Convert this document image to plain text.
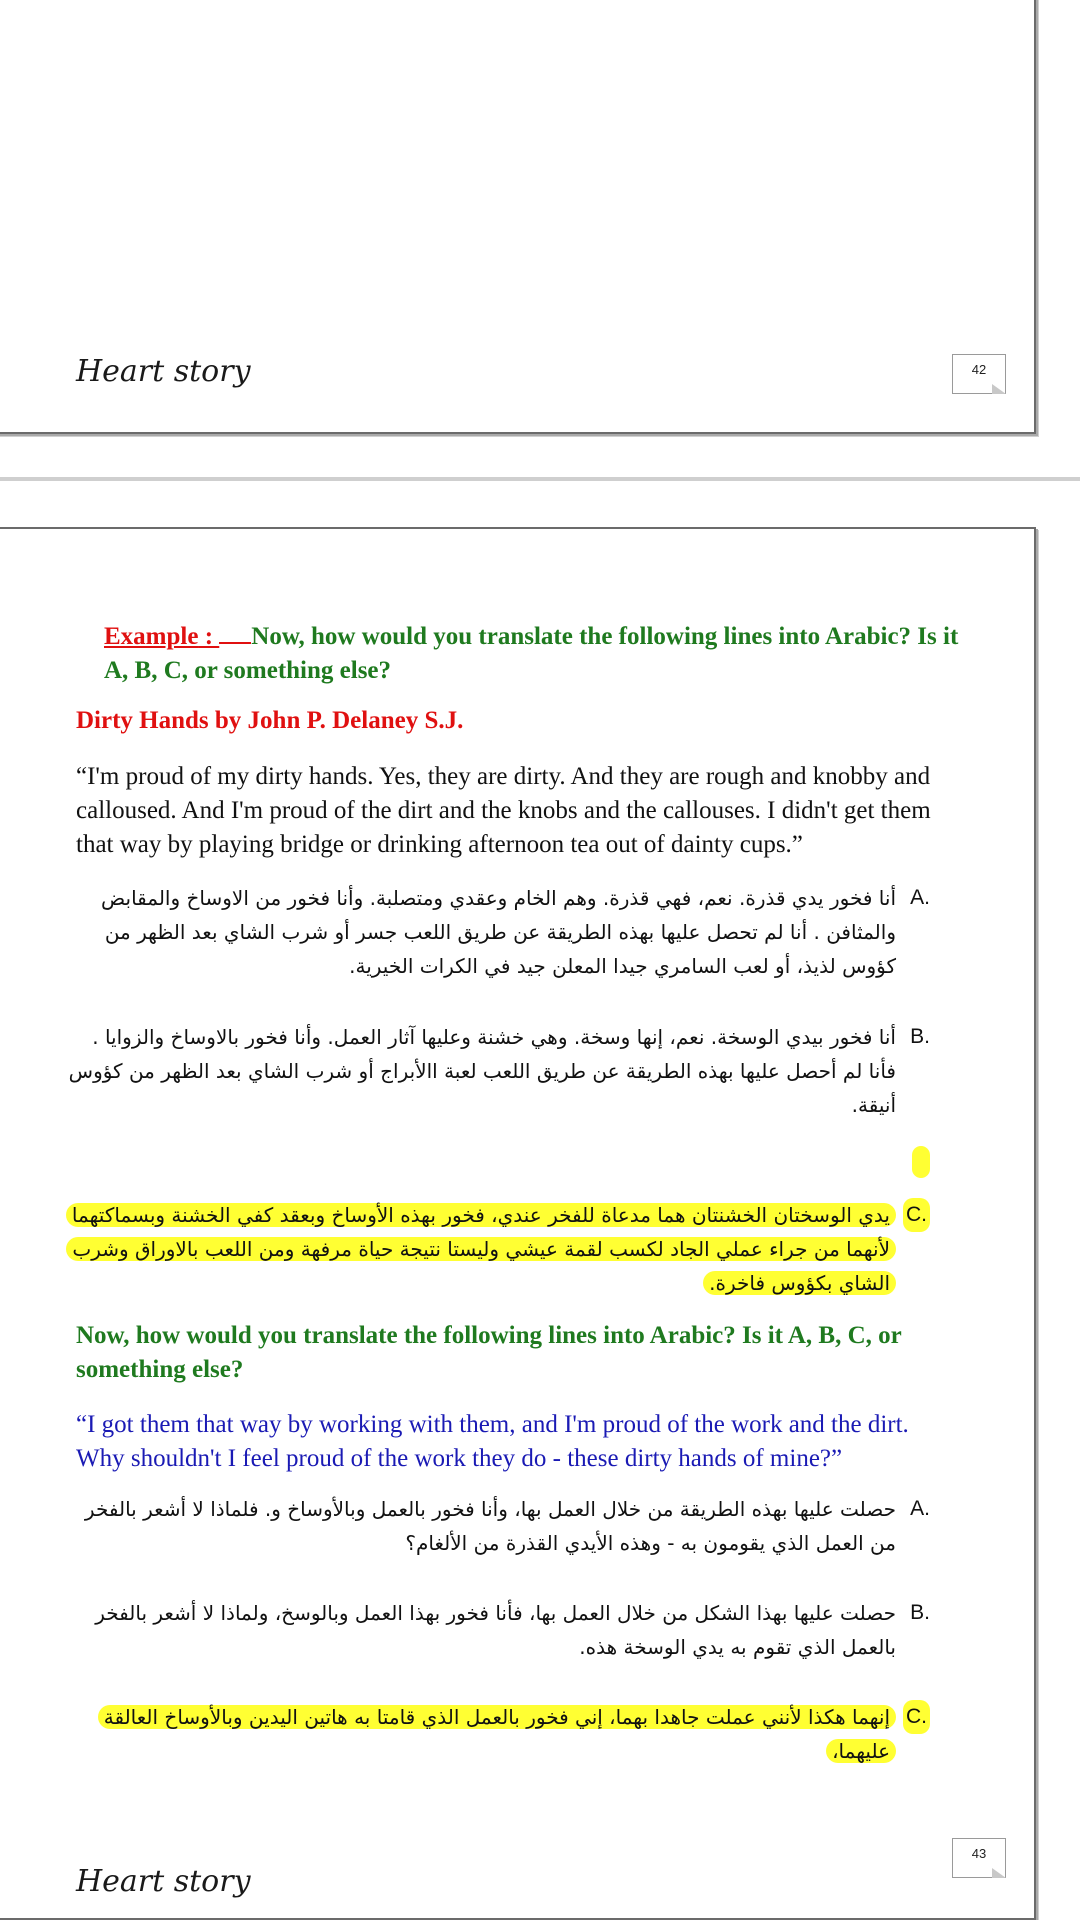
Heart story	42
Example : Now, how would you translate the following lines into Arabic? Is it A, B, C, or something else?
Dirty Hands by John P. Delaney S.J.
“I'm proud of my dirty hands. Yes, they are dirty. And they are rough and knobby and calloused. And I'm proud of the dirt and the knobs and the callouses. I didn't get them that way by playing bridge or drinking afternoon tea out of dainty cups.”
أنا فخور يدي قذرة. نعم، فهي قذرة. وهم الخام وعقدي ومتصلبة. وأنا فخور من الاوساخ والمقابض والمثافن . أنا لم تحصل عليها بهذه الطريقة عن طريق اللعب جسر أو شرب الشاي بعد الظهر من كؤوس لذيذ، أو لعب السامري جيدا المعلن جيد في الكرات الخيرية.
A.
أنا فخور بيدي الوسخة. نعم، إنها وسخة. وهي خشنة وعليها آثار العمل. وأنا فخور بالاوساخ والزوايا . فأنا لم أحصل عليها بهذه الطريقة عن طريق اللعب لعبة االأبراج أو شرب الشاي بعد الظهر من كؤوس أنيقة.
B.
يدي الوسختان الخشنتان هما مدعاة للفخر عندي، فخور بهذه الأوساخ وبعقد كفي الخشنة وبسماكتهما لأنهما من جراء عملي الجاد لكسب لقمة عيشي وليستا نتيجة حياة مرفهة ومن اللعب بالاوراق وشرب الشاي بكؤوس فاخرة.
C.
Now, how would you translate the following lines into Arabic? Is it A, B, C, or something else?
“I got them that way by working with them, and I'm proud of the work and the dirt. Why shouldn't I feel proud of the work they do - these dirty hands of mine?”
حصلت عليها بهذه الطريقة من خلال العمل بها، وأنا فخور بالعمل وبالأوساخ و. فلماذا لا أشعر بالفخر من العمل الذي يقومون به - وهذه الأيدي القذرة من الألغام؟
A.
حصلت عليها بهذا الشكل من خلال العمل بها، فأنا فخور بهذا العمل وبالوسخ، ولماذا لا أشعر بالفخر بالعمل الذي تقوم به يدي الوسخة هذه.
B.
إنهما هكذا لأنني عملت جاهدا بهما، إني فخور بالعمل الذي قامتا به هاتين اليدين وبالأوساخ العالقة عليهما،
C.
Heart story
43
